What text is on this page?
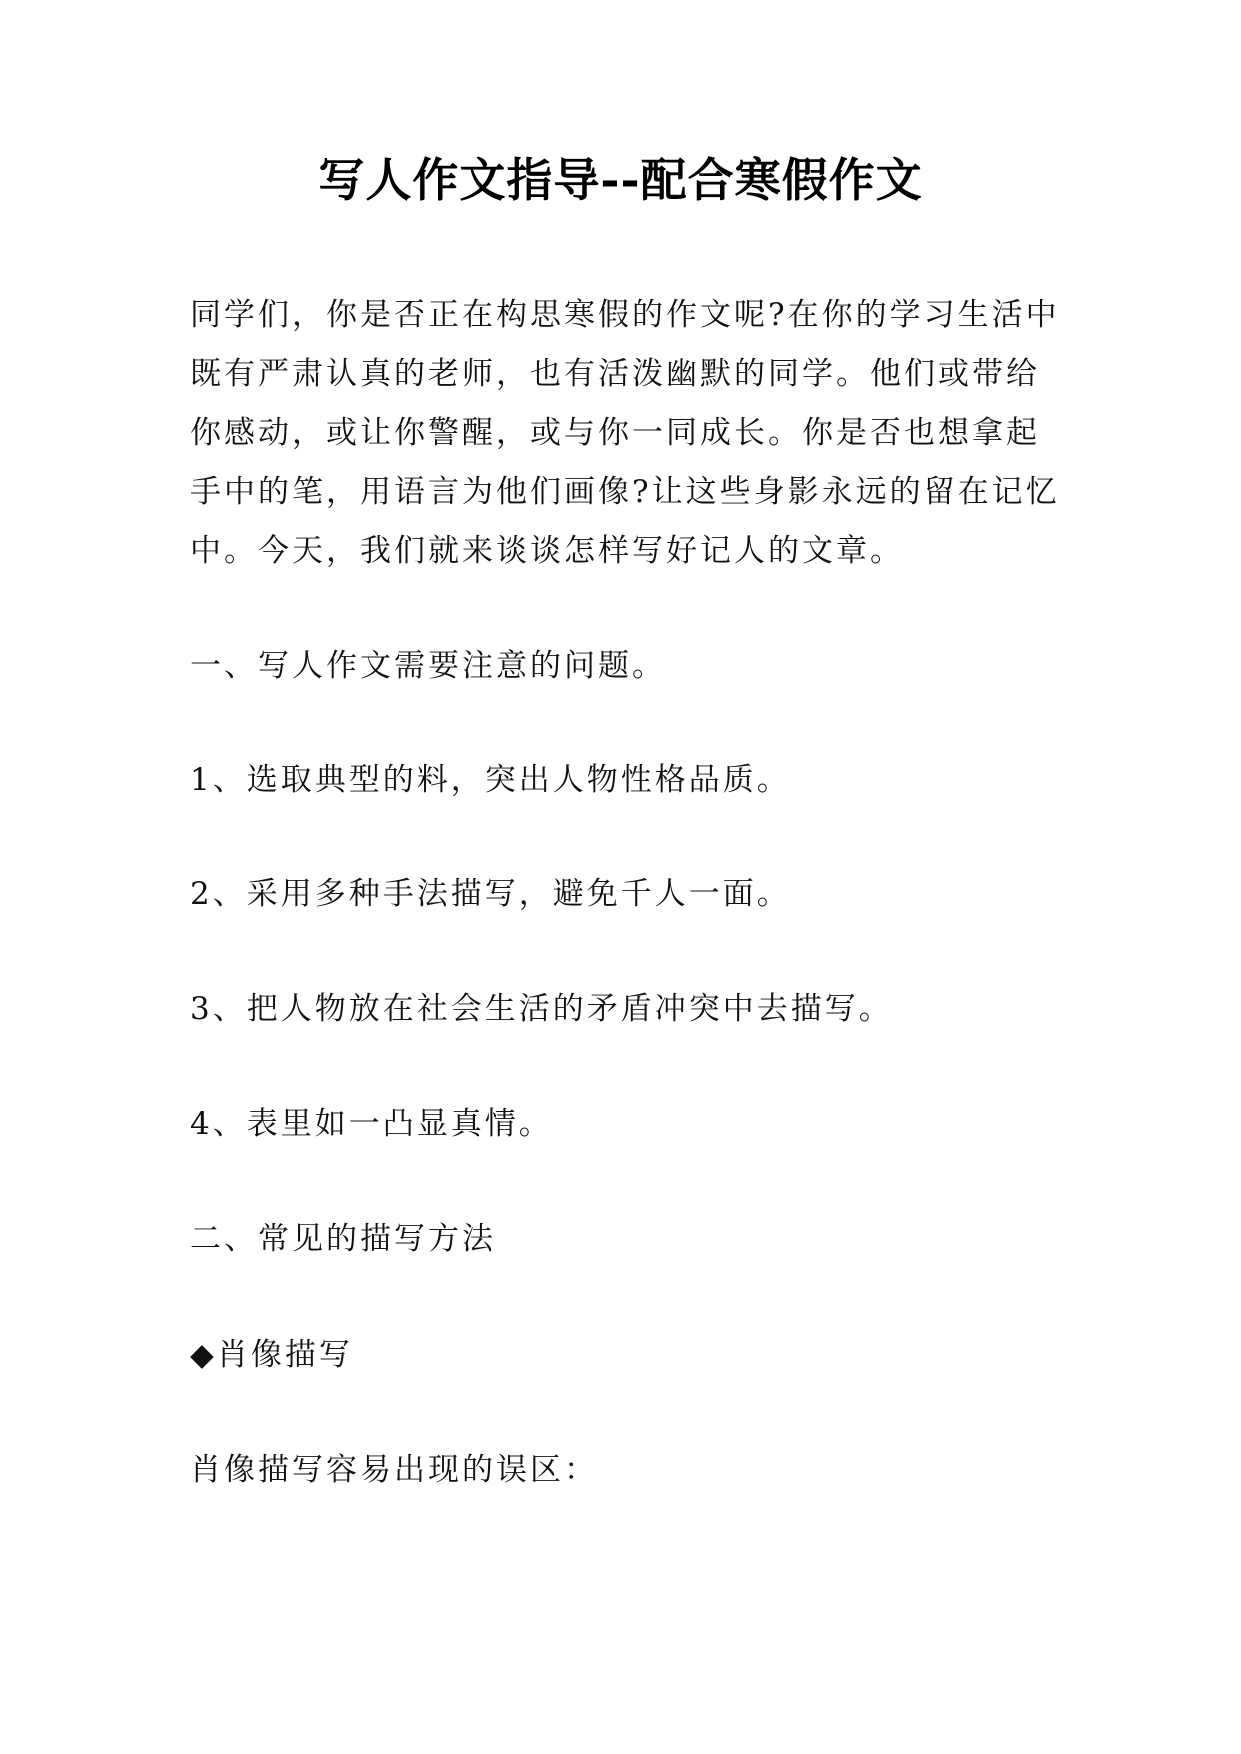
写人作文指导--配合寒假作文

同学们，你是否正在构思寒假的作文呢?在你的学习生活中既有严肃认真的老师，也有活泼幽默的同学。他们或带给你感动，或让你警醒，或与你一同成长。你是否也想拿起手中的笔，用语言为他们画像?让这些身影永远的留在记忆中。今天，我们就来谈谈怎样写好记人的文章。

一、写人作文需要注意的问题。

1、选取典型的料，突出人物性格品质。

2、采用多种手法描写，避免千人一面。

3、把人物放在社会生活的矛盾冲突中去描写。

4、表里如一凸显真情。

二、常见的描写方法

◆肖像描写

肖像描写容易出现的误区：
